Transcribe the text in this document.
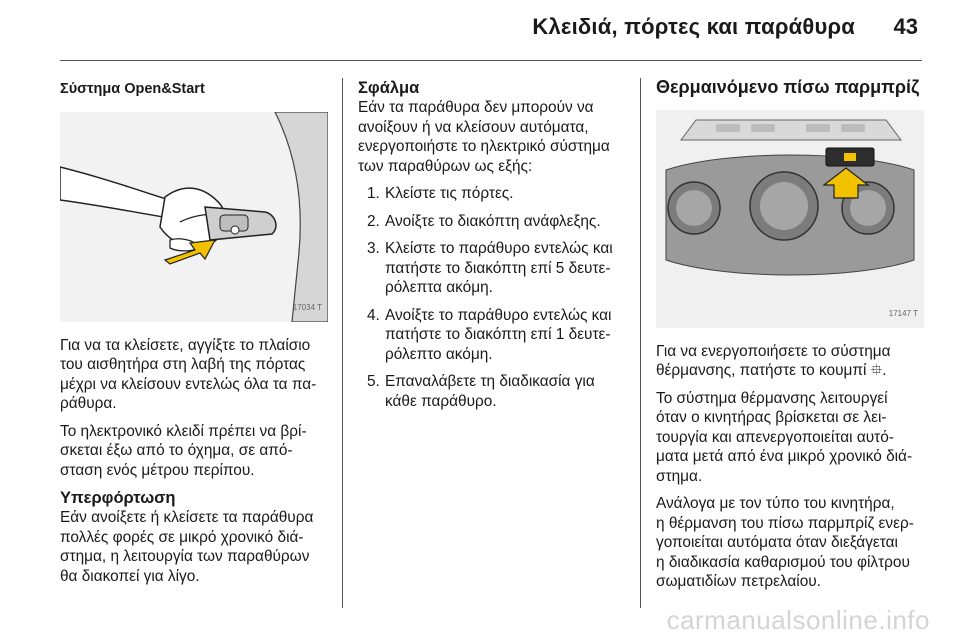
Κλειδιά, πόρτες και παράθυρα 43
Σύστημα Open&Start
17034 T

Για να τα κλείσετε, αγγίξτε το πλαίσιο
του αισθητήρα στη λαβή της πόρτας
μέχρι να κλείσουν εντελώς όλα τα πα-
ράθυρα.

Το ηλεκτρονικό κλειδί πρέπει να βρί-
σκεται έξω από το όχημα, σε από-
σταση ενός μέτρου περίπου.

Υπερφόρτωση

Εάν ανοίξετε ή κλείσετε τα παράθυρα
πολλές φορές σε μικρό χρονικό διά-
στημα, η λειτουργία των παραθύρων
θα διακοπεί για λίγο.

Σφάλμα

Εάν τα παράθυρα δεν μπορούν να
ανοίξουν ή να κλείσουν αυτόματα,
ενεργοποιήστε το ηλεκτρικό σύστημα
των παραθύρων ως εξής:

1. Κλείστε τις πόρτες.
2. Ανοίξτε το διακόπτη ανάφλεξης.
3. Κλείστε το παράθυρο εντελώς και
πατήστε το διακόπτη επί 5 δευτε-
ρόλεπτα ακόμη.
4. Ανοίξτε το παράθυρο εντελώς και
πατήστε το διακόπτη επί 1 δευτε-
ρόλεπτο ακόμη.
5. Επαναλάβετε τη διαδικασία για
κάθε παράθυρο.
Θερμαινόμενο πίσω παρμπρίζ
17147 T

Για να ενεργοποιήσετε το σύστημα
θέρμανσης, πατήστε το κουμπί ⯐.

Το σύστημα θέρμανσης λειτουργεί
όταν ο κινητήρας βρίσκεται σε λει-
τουργία και απενεργοποιείται αυτό-
ματα μετά από ένα μικρό χρονικό διά-
στημα.

Ανάλογα με τον τύπο του κινητήρα,
η θέρμανση του πίσω παρμπρίζ ενερ-
γοποιείται αυτόματα όταν διεξάγεται
η διαδικασία καθαρισμού του φίλτρου
σωματιδίων πετρελαίου.

carmanualsonline.info
